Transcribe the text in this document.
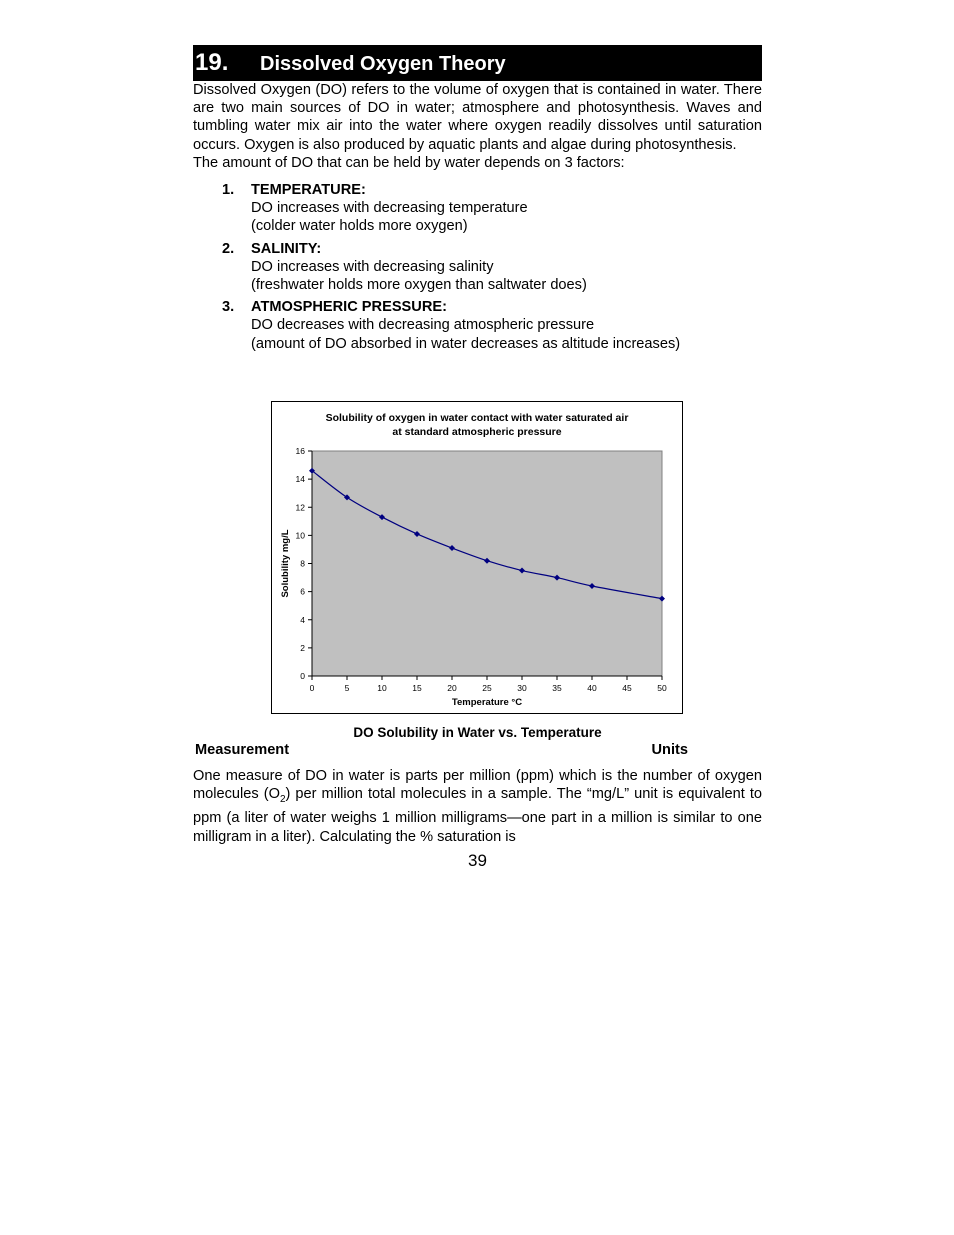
19.	Dissolved Oxygen Theory

Dissolved Oxygen (DO) refers to the volume of oxygen that is contained in water. There are two main sources of DO in water; atmosphere and photosynthesis. Waves and tumbling water mix air into the water where oxygen readily dissolves until saturation occurs. Oxygen is also produced by aquatic plants and algae during photosynthesis.

The amount of DO that can be held by water depends on 3 factors:

1.	TEMPERATURE:
DO increases with decreasing temperature
(colder water holds more oxygen)
2.	SALINITY:
DO increases with decreasing salinity
(freshwater holds more oxygen than saltwater does)
3.	ATMOSPHERIC PRESSURE:
DO decreases with decreasing atmospheric pressure
(amount of DO absorbed in water decreases as altitude increases)
Solubility of oxygen in water contact with water saturated air
at standard atmospheric pressure
0
2
4
6
8
10
12
14
16
0	5	10	15	20	25	30	35	40	45	50
Temperature °C
Solubility mg/L
DO Solubility in Water vs. Temperature
Measurement	Units

One measure of DO in water is parts per million (ppm) which is the number of oxygen molecules $(O_2)$ per million total molecules in a sample. The “mg/L” unit is equivalent to ppm (a liter of water weighs 1 million milligrams—one part in a million is similar to one milligram in a liter). Calculating the % saturation is

39
